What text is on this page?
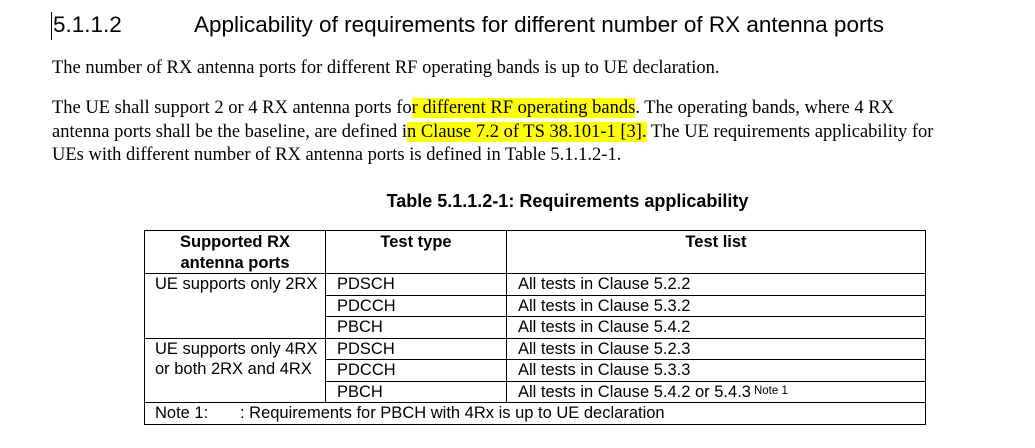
5.1.1.2	Applicability of requirements for different number of RX antenna ports
The number of RX antenna ports for different RF operating bands is up to UE declaration.
The UE shall support 2 or 4 RX antenna ports for different RF operating bands. The operating bands, where 4 RX
antenna ports shall be the baseline, are defined in Clause 7.2 of TS 38.101-1 [3]. The UE requirements applicability for
UEs with different number of RX antenna ports is defined in Table 5.1.1.2-1.
Table 5.1.1.2-1: Requirements applicability
Supported RX antenna ports	Test type	Test list
UE supports only 2RX	PDSCH	All tests in Clause 5.2.2
	PDCCH	All tests in Clause 5.3.2
	PBCH	All tests in Clause 5.4.2
UE supports only 4RX or both 2RX and 4RX	PDSCH	All tests in Clause 5.2.3
	PDCCH	All tests in Clause 5.3.3
	PBCH	All tests in Clause 5.4.2 or 5.4.3 $^{Note 1}$
Note 1: : Requirements for PBCH with 4Rx is up to UE declaration		
